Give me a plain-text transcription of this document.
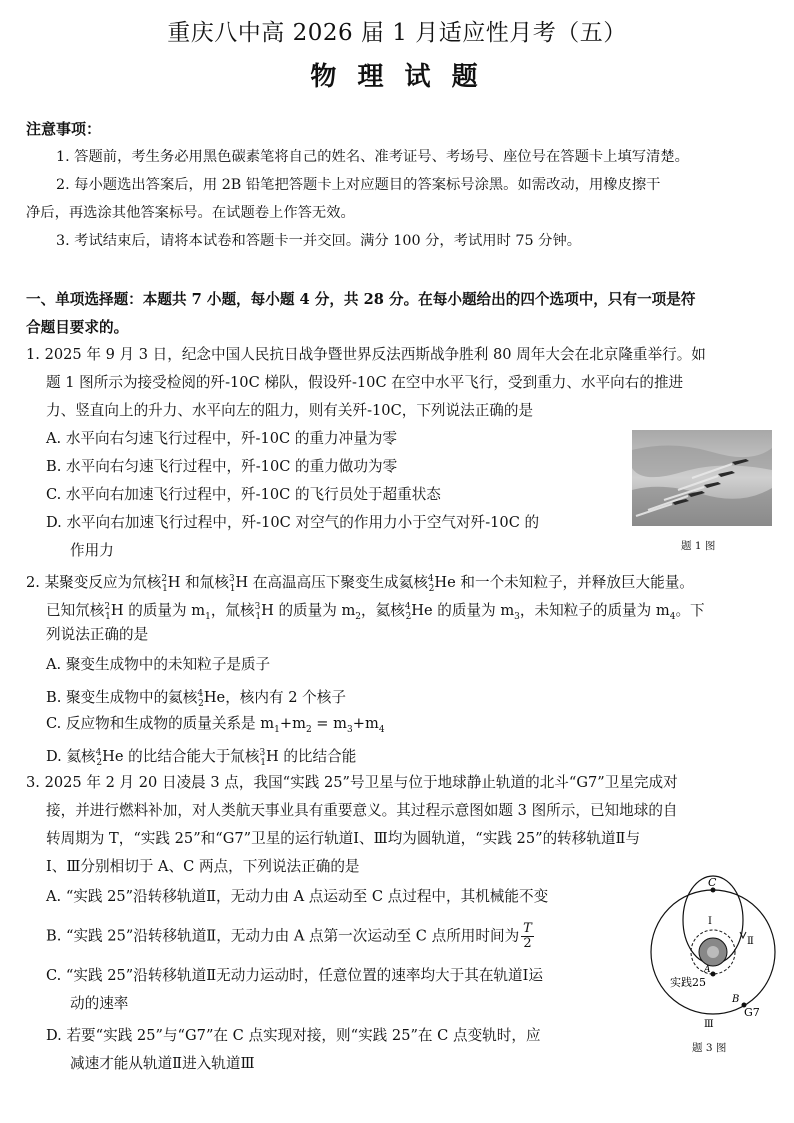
重庆八中高 2026 届 1 月适应性月考（五）
物 理 试 题
注意事项：
1. 答题前，考生务必用黑色碳素笔将自己的姓名、准考证号、考场号、座位号在答题卡上填写清楚。
2. 每小题选出答案后，用 2B 铅笔把答题卡上对应题目的答案标号涂黑。如需改动，用橡皮擦干
净后，再选涂其他答案标号。在试题卷上作答无效。
3. 考试结束后，请将本试卷和答题卡一并交回。满分 100 分，考试用时 75 分钟。
一、单项选择题：本题共 7 小题，每小题 4 分，共 28 分。在每小题给出的四个选项中，只有一项是符
合题目要求的。
1. 2025 年 9 月 3 日，纪念中国人民抗日战争暨世界反法西斯战争胜利 80 周年大会在北京隆重举行。如
题 1 图所示为接受检阅的歼-10C 梯队，假设歼-10C 在空中水平飞行，受到重力、水平向右的推进
力、竖直向上的升力、水平向左的阻力，则有关歼-10C，下列说法正确的是
A. 水平向右匀速飞行过程中，歼-10C 的重力冲量为零
B. 水平向右匀速飞行过程中，歼-10C 的重力做功为零
C. 水平向右加速飞行过程中，歼-10C 的飞行员处于超重状态
D. 水平向右加速飞行过程中，歼-10C 对空气的作用力小于空气对歼-10C 的
作用力	题 1 图
2. 某聚变反应为氘核$^2_1$H 和氚核$^3_1$H 在高温高压下聚变生成氦核$^4_2$He 和一个未知粒子，并释放巨大能量。
已知氘核$^2_1$H 的质量为 $m_1$，氚核$^3_1$H 的质量为 $m_2$，氦核$^4_2$He 的质量为 $m_3$，未知粒子的质量为 $m_4$。下
列说法正确的是
A. 聚变生成物中的未知粒子是质子
B. 聚变生成物中的氦核$^4_2$He，核内有 2 个核子
C. 反应物和生成物的质量关系是 $m_1+m_2 = m_3+m_4$
D. 氦核$^4_2$He 的比结合能大于氚核$^3_1$H 的比结合能
3. 2025 年 2 月 20 日凌晨 3 点，我国“实践 25”号卫星与位于地球静止轨道的北斗“G7”卫星完成对
接，并进行燃料补加，对人类航天事业具有重要意义。其过程示意图如题 3 图所示，已知地球的自
转周期为 T，“实践 25”和“G7”卫星的运行轨道Ⅰ、Ⅲ均为圆轨道，“实践 25”的转移轨道Ⅱ与
Ⅰ、Ⅲ分别相切于 A、C 两点，下列说法正确的是
A. “实践 25”沿转移轨道Ⅱ，无动力由 A 点运动至 C 点过程中，其机械能不变
B. “实践 25”沿转移轨道Ⅱ，无动力由 A 点第一次运动至 C 点所用时间为 $\frac{T}{2}$
C. “实践 25”沿转移轨道Ⅱ无动力运动时，任意位置的速率均大于其在轨道Ⅰ运
动的速率
D. 若要“实践 25”与“G7”在 C 点实现对接，则“实践 25”在 C 点变轨时，应
减速才能从轨道Ⅱ进入轨道Ⅲ
C
Ⅰ
Ⅱ
Ⅲ
A
B
实践25
G7
题 3 图
